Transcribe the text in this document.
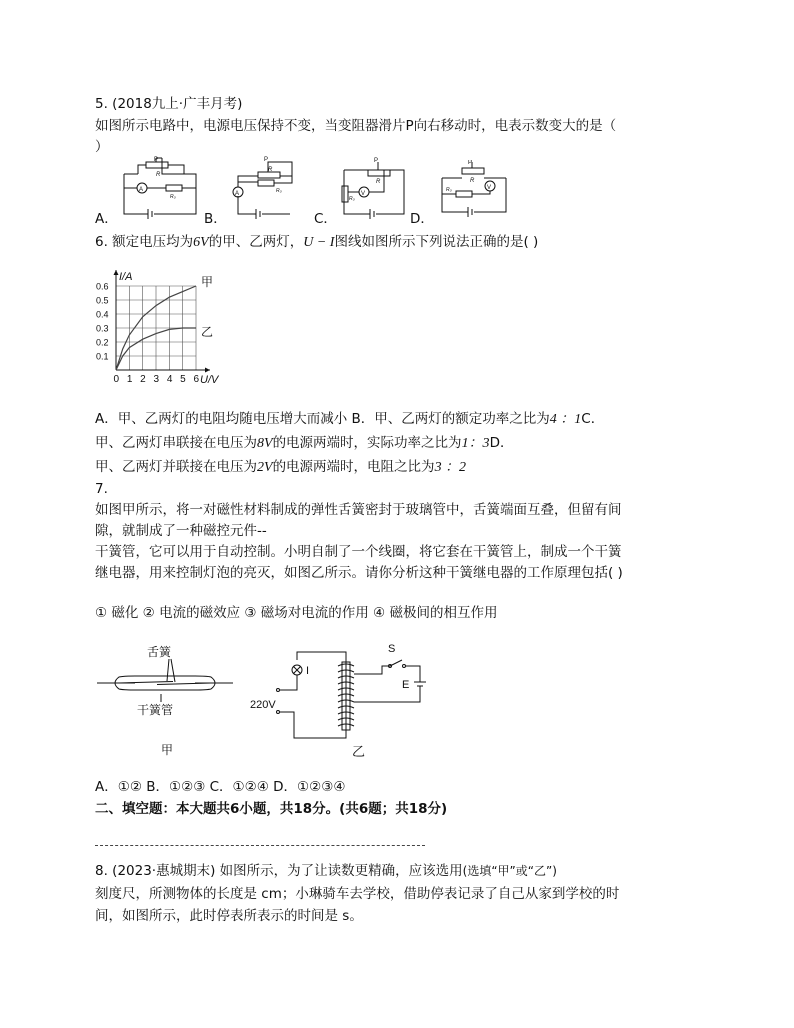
5. (2018九上·广丰月考)
如图所示电路中，电源电压保持不变，当变阻器滑片P向右移动时，电表示数变大的是（
）
A．	B．	C．	D．
P
R
R₀
A
P
R
R₀
A
P
R
R₀
V
P
R
R₀	V
6. 额定电压均为6V的甲、乙两灯，U − I图线如图所示下列说法正确的是( )
0 1 2 3 4 5 6
0.1
0.2
0.3
0.4
0.5
0.6
I/A
U/V
甲
乙
A．甲、乙两灯的电阻均随电压增大而减小 B．甲、乙两灯的额定功率之比为4 ：1C．
甲、乙两灯串联接在电压为8V的电源两端时，实际功率之比为1：3D．
甲、乙两灯并联接在电压为2V的电源两端时，电阻之比为3 ：2
7.
如图甲所示，将一对磁性材料制成的弹性舌簧密封于玻璃管中，舌簧端面互叠，但留有间
隙，就制成了一种磁控元件--
干簧管，它可以用于自动控制。小明自制了一个线圈，将它套在干簧管上，制成一个干簧
继电器，用来控制灯泡的亮灭，如图乙所示。请你分析这种干簧继电器的工作原理包括( )
① 磁化 ② 电流的磁效应 ③ 磁场对电流的作用 ④ 磁极间的相互作用
舌簧
干簧管
甲
I
220V
S
E
乙
A．①② B．①②③ C．①②④ D．①②③④
二、填空题：本大题共6小题，共18分。(共6题；共18分)
8. (2023·惠城期末) 如图所示，为了让读数更精确，应该选用(选填“甲”或“乙”)
刻度尺，所测物体的长度是 cm；小琳骑车去学校，借助停表记录了自己从家到学校的时
间，如图所示，此时停表所表示的时间是 s。
